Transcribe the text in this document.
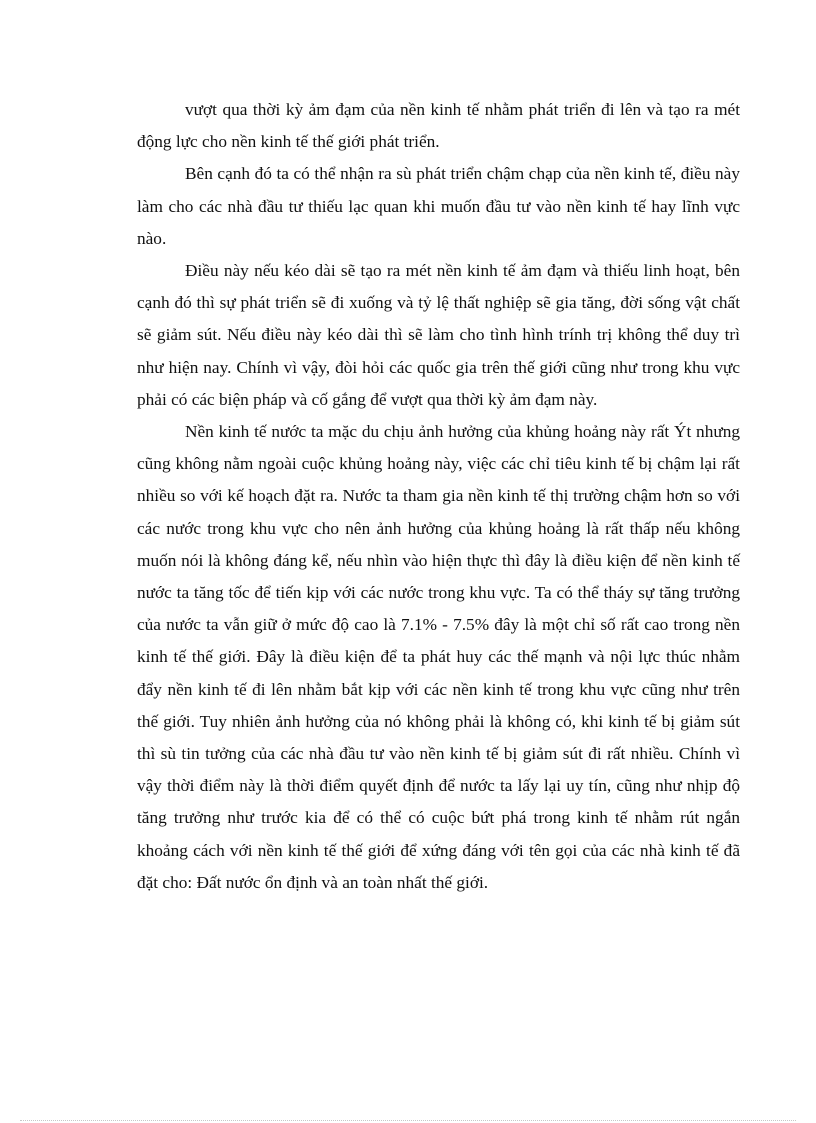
vượt qua thời kỳ ảm đạm của nền kinh tế nhằm phát triển đi lên và tạo ra mét động lực cho nền kinh tế thế giới phát triển.

Bên cạnh đó ta có thể nhận ra sù phát triển chậm chạp của nền kinh tế, điều này làm cho các nhà đầu tư thiếu lạc quan khi muốn đầu tư vào nền kinh tế hay lĩnh vực nào.

Điều này nếu kéo dài sẽ tạo ra mét nền kinh tế ảm đạm và thiếu linh hoạt, bên cạnh đó thì sự phát triển sẽ đi xuống và tỷ lệ thất nghiệp sẽ gia tăng, đời sống vật chất sẽ giảm sút. Nếu điều này kéo dài thì sẽ làm cho tình hình trính trị không thể duy trì như hiện nay. Chính vì vậy, đòi hỏi các quốc gia trên thế giới cũng như trong khu vực phải có các biện pháp và cố gắng để vượt qua thời kỳ ảm đạm này.

Nền kinh tế nước ta mặc du chịu ảnh hưởng của khủng hoảng này rất Ýt nhưng cũng không nằm ngoài cuộc khủng hoảng này, việc các chỉ tiêu kinh tế bị chậm lại rất nhiều so với kế hoạch đặt ra. Nước ta tham gia nền kinh tế thị trường chậm hơn so với các nước trong khu vực cho nên ảnh hưởng của khủng hoảng là rất thấp nếu không muốn nói là không đáng kể, nếu nhìn vào hiện thực thì đây là điều kiện để nền kinh tế nước ta tăng tốc để tiến kịp với các nước trong khu vực. Ta có thể tháy sự tăng trưởng của nước ta vẫn giữ ở mức độ cao là 7.1% - 7.5% đây là một chỉ số rất cao trong nền kinh tế thế giới. Đây là điều kiện để ta phát huy các thế mạnh và nội lực thúc nhằm đẩy nền kinh tế đi lên nhằm bắt kịp với các nền kinh tế trong khu vực cũng như trên thế giới. Tuy nhiên ảnh hưởng của nó không phải là không có, khi kinh tế bị giảm sút thì sù tin tưởng của các nhà đầu tư vào nền kinh tế bị giảm sút đi rất nhiều. Chính vì vậy thời điểm này là thời điểm quyết định để nước ta lấy lại uy tín, cũng như nhịp độ tăng trưởng như trước kia để có thể có cuộc bứt phá trong kinh tế nhằm rút ngắn khoảng cách với nền kinh tế thế giới để xứng đáng với tên gọi của các nhà kinh tế đã đặt cho: Đất nước ổn định và an toàn nhất thế giới.
